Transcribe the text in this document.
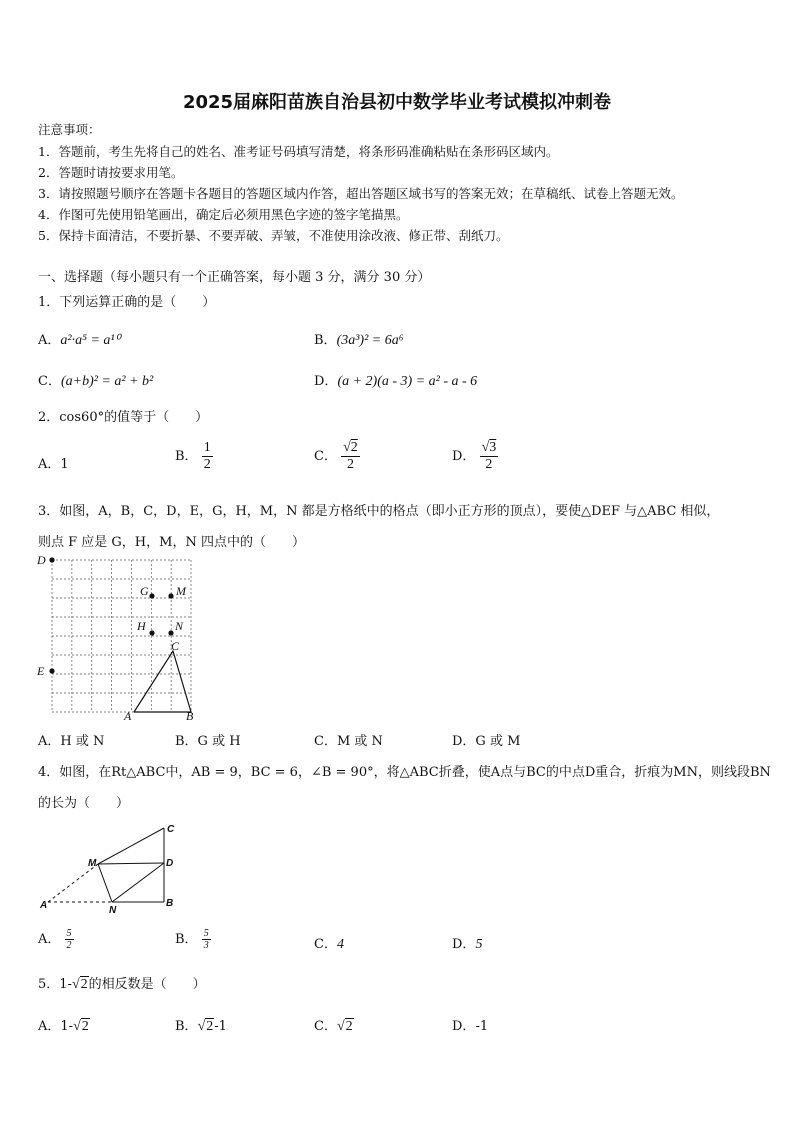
2025届麻阳苗族自治县初中数学毕业考试模拟冲刺卷
注意事项：
1．答题前，考生先将自己的姓名、准考证号码填写清楚，将条形码准确粘贴在条形码区域内。
2．答题时请按要求用笔。
3．请按照题号顺序在答题卡各题目的答题区域内作答，超出答题区域书写的答案无效；在草稿纸、试卷上答题无效。
4．作图可先使用铅笔画出，确定后必须用黑色字迹的签字笔描黑。
5．保持卡面清洁，不要折暴、不要弄破、弄皱，不准使用涂改液、修正带、刮纸刀。
一、选择题（每小题只有一个正确答案，每小题 3 分，满分 30 分）
1．下列运算正确的是（　　）
A．a²·a⁵ = a¹⁰	B．(3a³)² = 6a⁶
C．(a+b)² = a² + b²	D．(a + 2)(a - 3) = a² - a - 6
2．cos60°的值等于（　　）
A．1
B． $\frac{1}{2}$	C． $\frac{√2}{2}$	D． $\frac{√3}{2}$
3．如图，A，B，C，D，E，G，H，M，N 都是方格纸中的格点（即小正方形的顶点），要使△DEF 与△ABC 相似，
则点 F 应是 G，H，M，N 四点中的（　　）
D
E
G M
H N
C
A	B
A．H 或 N	B．G 或 H	C．M 或 N	D．G 或 M
4．如图，在Rt△ABC中，AB = 9，BC = 6，∠B = 90°，将△ABC折叠，使A点与BC的中点D重合，折痕为MN，则线段BN
的长为（　　）
C
M	D
A	N
B
A． $\frac{5}{2}$	B． $\frac{5}{3}$	C．4	D．5
5．1-√2的相反数是（　　）
A．1-√2	B．√2-1	C．√2	D．-1
